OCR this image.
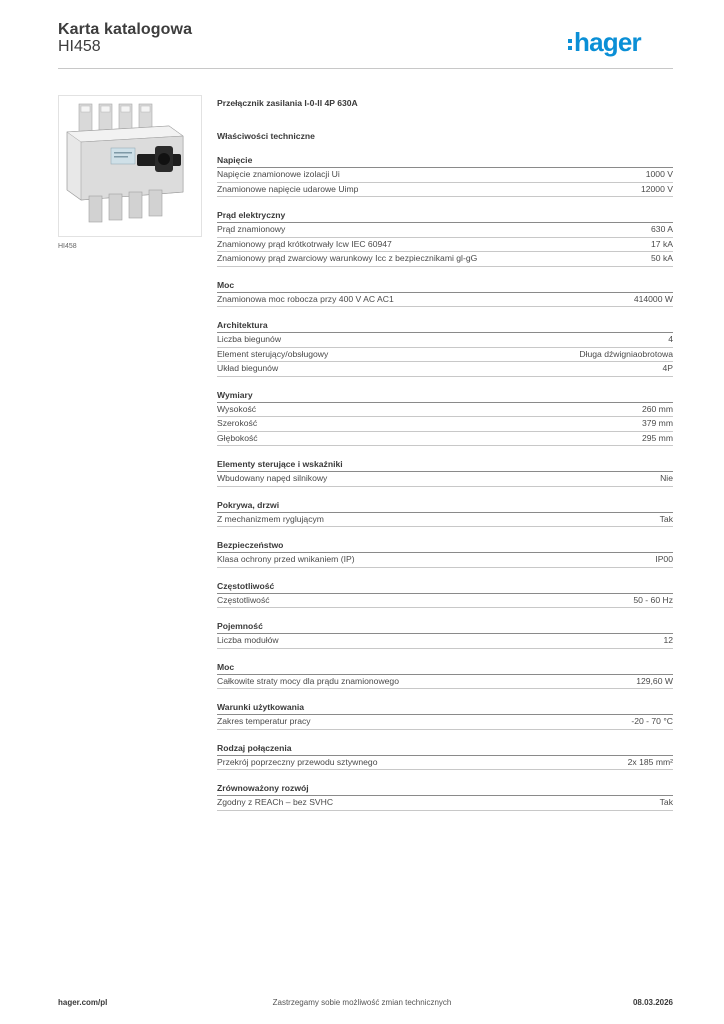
Karta katalogowa
HI458	hager
HI458
Przełącznik zasilania I-0-II 4P 630A
Właściwości techniczne
Napięcie
Napięcie znamionowe izolacji Ui	1000 V
Znamionowe napięcie udarowe Uimp	12000 V
Prąd elektryczny
Prąd znamionowy	630 A
Znamionowy prąd krótkotrwały Icw IEC 60947	17 kA
Znamionowy prąd zwarciowy warunkowy Icc z bezpiecznikami gl-gG	50 kA
Moc
Znamionowa moc robocza przy 400 V AC AC1	414000 W
Architektura
Liczba biegunów	4
Element sterujący/obsługowy	Długa dźwigniaobrotowa
Układ biegunów	4P
Wymiary
Wysokość	260 mm
Szerokość	379 mm
Głębokość	295 mm
Elementy sterujące i wskaźniki
Wbudowany napęd silnikowy	Nie
Pokrywa, drzwi
Z mechanizmem ryglującym	Tak
Bezpieczeństwo
Klasa ochrony przed wnikaniem (IP)	IP00
Częstotliwość
Częstotliwość	50 - 60 Hz
Pojemność
Liczba modułów	12
Moc
Całkowite straty mocy dla prądu znamionowego	129,60 W
Warunki użytkowania
Zakres temperatur pracy	-20 - 70 °C
Rodzaj połączenia
Przekrój poprzeczny przewodu sztywnego	2x 185 mm²
Zrównoważony rozwój
Zgodny z REACh – bez SVHC	Tak
hager.com/pl	Zastrzegamy sobie możliwość zmian technicznych	08.03.2026
